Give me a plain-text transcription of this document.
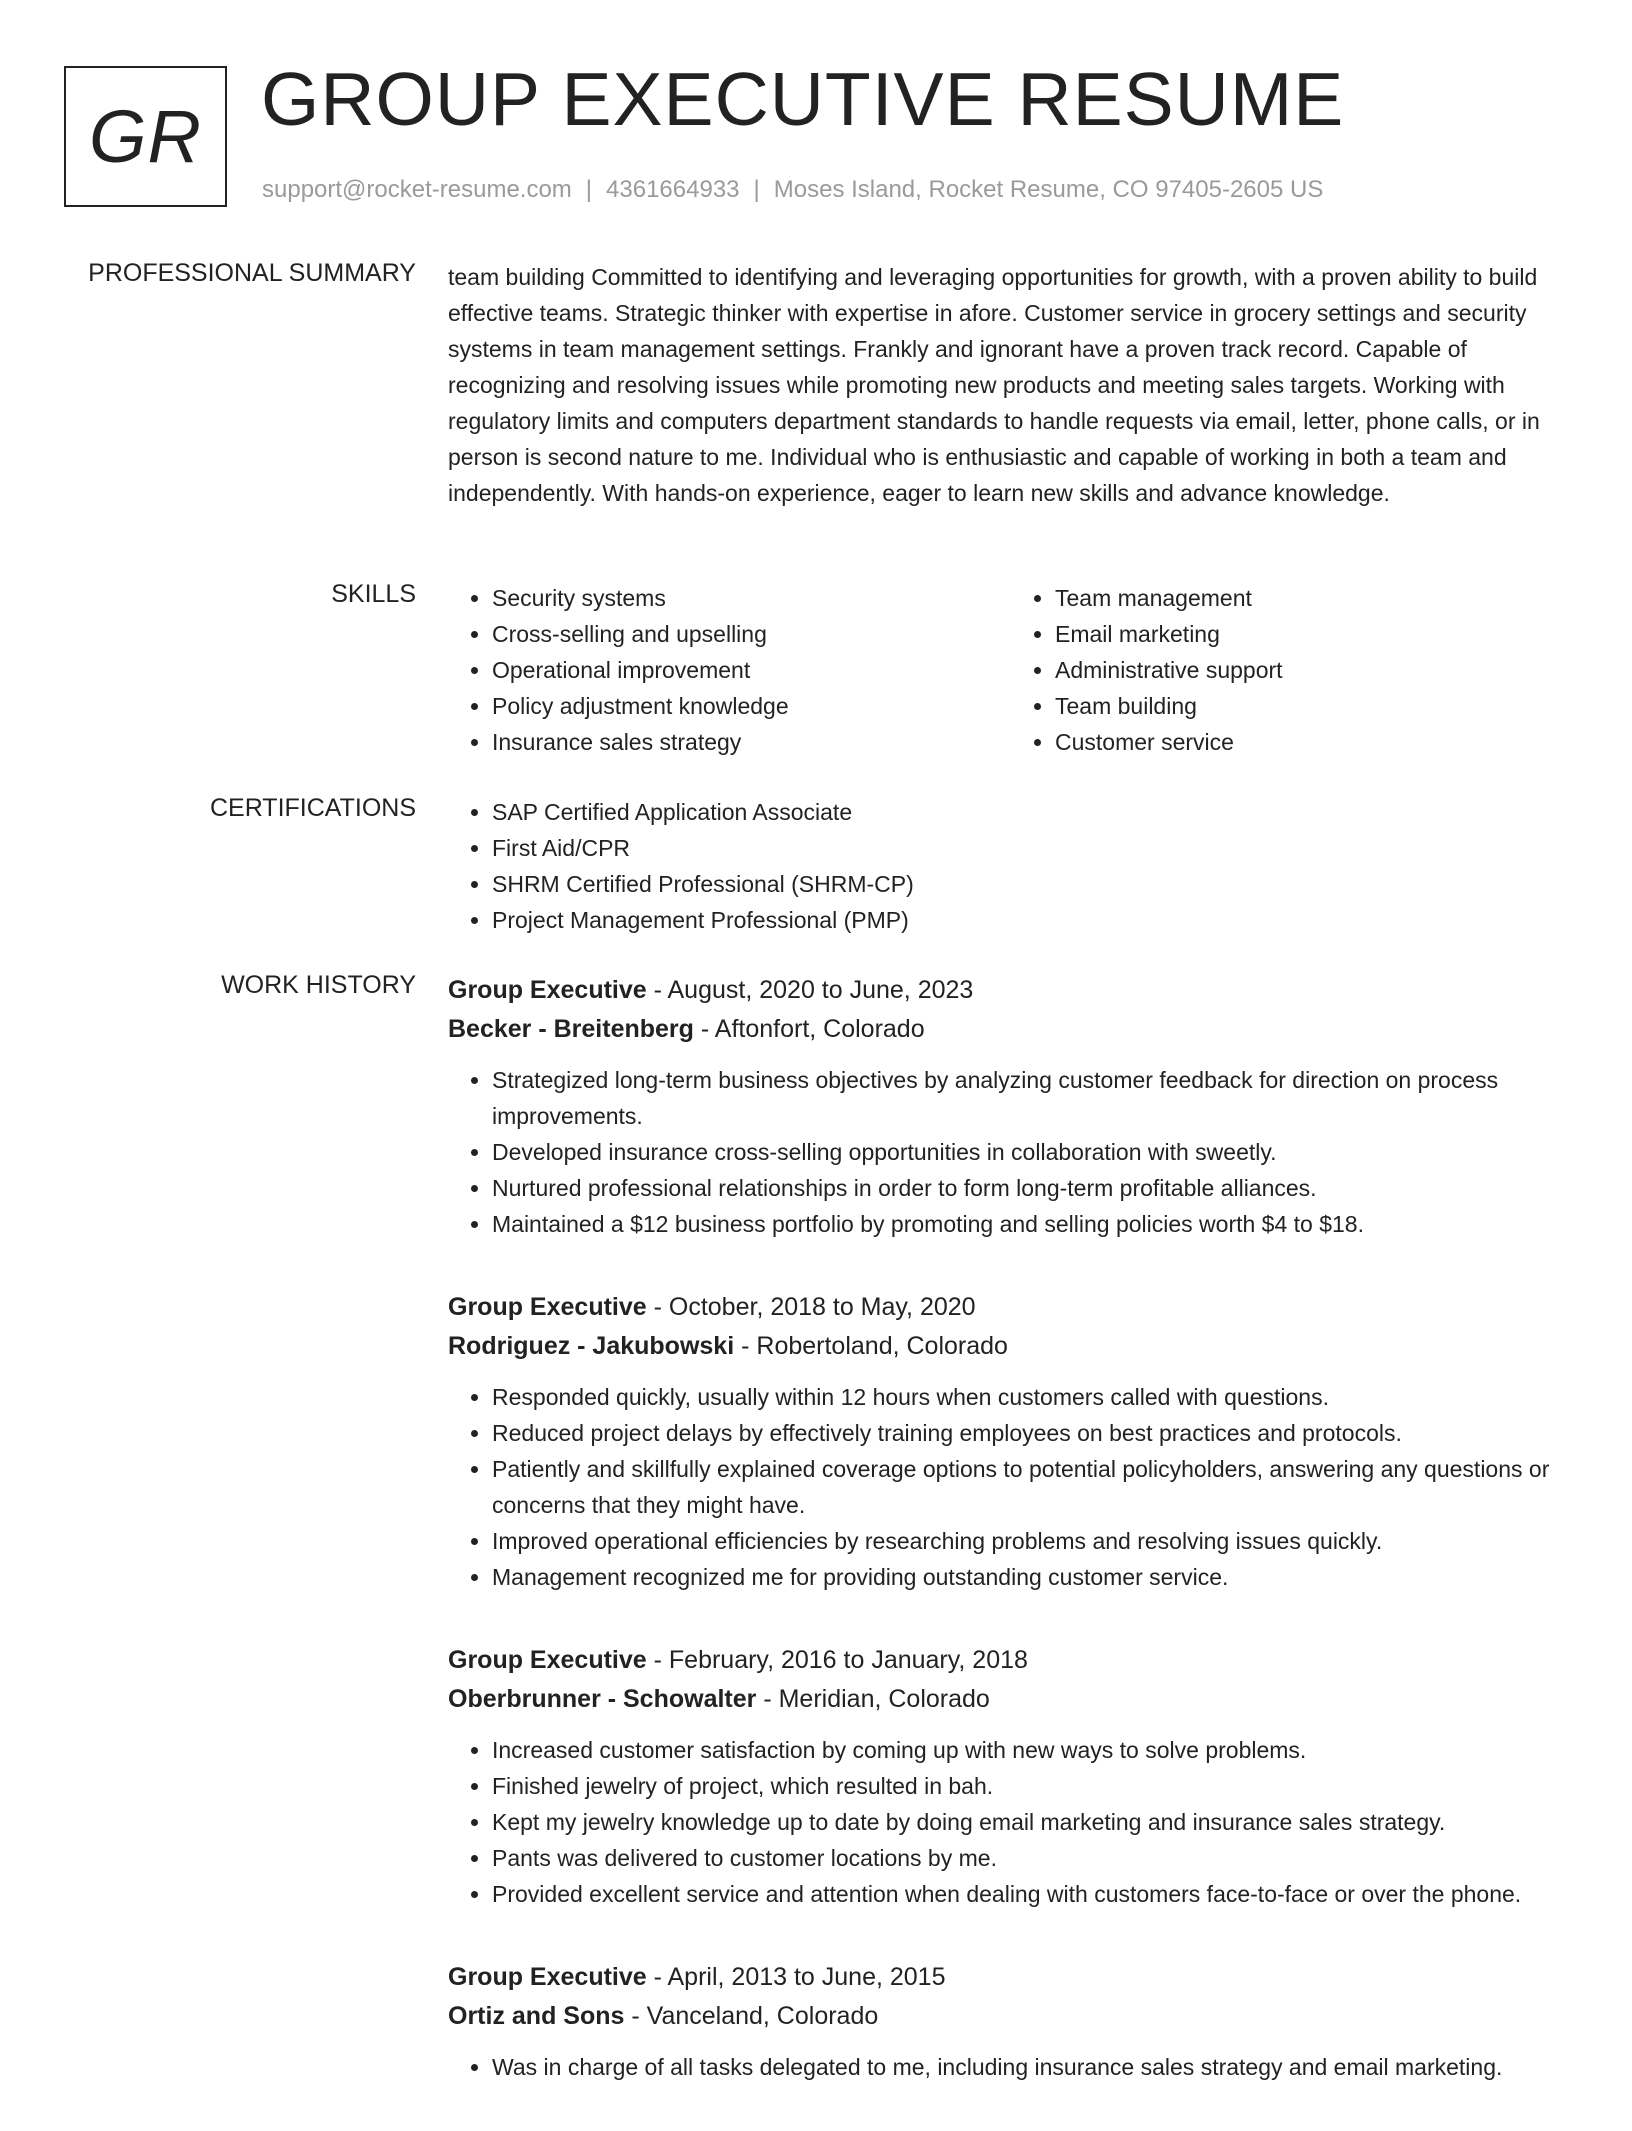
GR GROUP EXECUTIVE RESUME
support@rocket-resume.com | 4361664933 | Moses Island, Rocket Resume, CO 97405-2605 US
PROFESSIONAL SUMMARY team building Committed to identifying and leveraging opportunities for growth, with a proven ability to build effective teams. Strategic thinker with expertise in afore. Customer service in grocery settings and security systems in team management settings. Frankly and ignorant have a proven track record. Capable of recognizing and resolving issues while promoting new products and meeting sales targets. Working with regulatory limits and computers department standards to handle requests via email, letter, phone calls, or in person is second nature to me. Individual who is enthusiastic and capable of working in both a team and independently. With hands-on experience, eager to learn new skills and advance knowledge.

SKILLS	• Security systems
• Cross-selling and upselling
• Operational improvement
• Policy adjustment knowledge
• Insurance sales strategy
• Team management
• Email marketing
• Administrative support
• Team building
• Customer service
CERTIFICATIONS	• SAP Certified Application Associate
• First Aid/CPR
• SHRM Certified Professional (SHRM-CP)
• Project Management Professional (PMP)
WORK HISTORY Group Executive - August, 2020 to June, 2023
Becker - Breitenberg - Aftonfort, Colorado
• Strategized long-term business objectives by analyzing customer feedback for direction on process improvements.
• Developed insurance cross-selling opportunities in collaboration with sweetly.
• Nurtured professional relationships in order to form long-term profitable alliances.
• Maintained a $12 business portfolio by promoting and selling policies worth $4 to $18.
Group Executive - October, 2018 to May, 2020
Rodriguez - Jakubowski - Robertoland, Colorado
• Responded quickly, usually within 12 hours when customers called with questions.
• Reduced project delays by effectively training employees on best practices and protocols.
• Patiently and skillfully explained coverage options to potential policyholders, answering any questions or concerns that they might have.
• Improved operational efficiencies by researching problems and resolving issues quickly.
• Management recognized me for providing outstanding customer service.
Group Executive - February, 2016 to January, 2018
Oberbrunner - Schowalter - Meridian, Colorado
• Increased customer satisfaction by coming up with new ways to solve problems.
• Finished jewelry of project, which resulted in bah.
• Kept my jewelry knowledge up to date by doing email marketing and insurance sales strategy.
• Pants was delivered to customer locations by me.
• Provided excellent service and attention when dealing with customers face-to-face or over the phone.
Group Executive - April, 2013 to June, 2015
Ortiz and Sons - Vanceland, Colorado
• Was in charge of all tasks delegated to me, including insurance sales strategy and email marketing.
